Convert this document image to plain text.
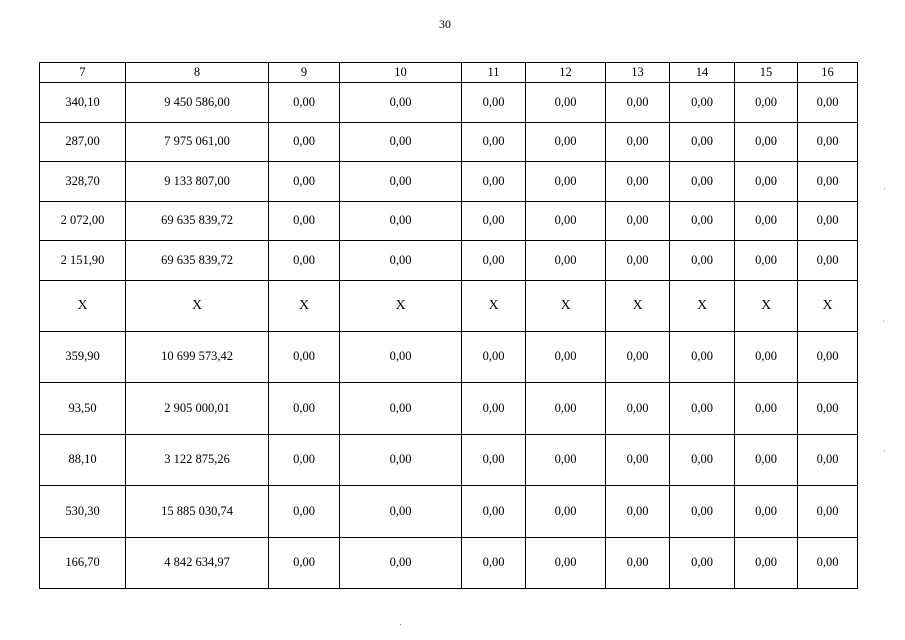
30
7	8	9	10	11	12	13	14	15	16
340,10	9 450 586,00	0,00	0,00	0,00	0,00	0,00	0,00	0,00	0,00
287,00	7 975 061,00	0,00	0,00	0,00	0,00	0,00	0,00	0,00	0,00
328,70	9 133 807,00	0,00	0,00	0,00	0,00	0,00	0,00	0,00	0,00
2 072,00	69 635 839,72	0,00	0,00	0,00	0,00	0,00	0,00	0,00	0,00
2 151,90	69 635 839,72	0,00	0,00	0,00	0,00	0,00	0,00	0,00	0,00
X	X	X	X	X	X	X	X	X	X
359,90	10 699 573,42	0,00	0,00	0,00	0,00	0,00	0,00	0,00	0,00
93,50	2 905 000,01	0,00	0,00	0,00	0,00	0,00	0,00	0,00	0,00
88,10	3 122 875,26	0,00	0,00	0,00	0,00	0,00	0,00	0,00	0,00
530,30	15 885 030,74	0,00	0,00	0,00	0,00	0,00	0,00	0,00	0,00
166,70	4 842 634,97	0,00	0,00	0,00	0,00	0,00	0,00	0,00	0,00
